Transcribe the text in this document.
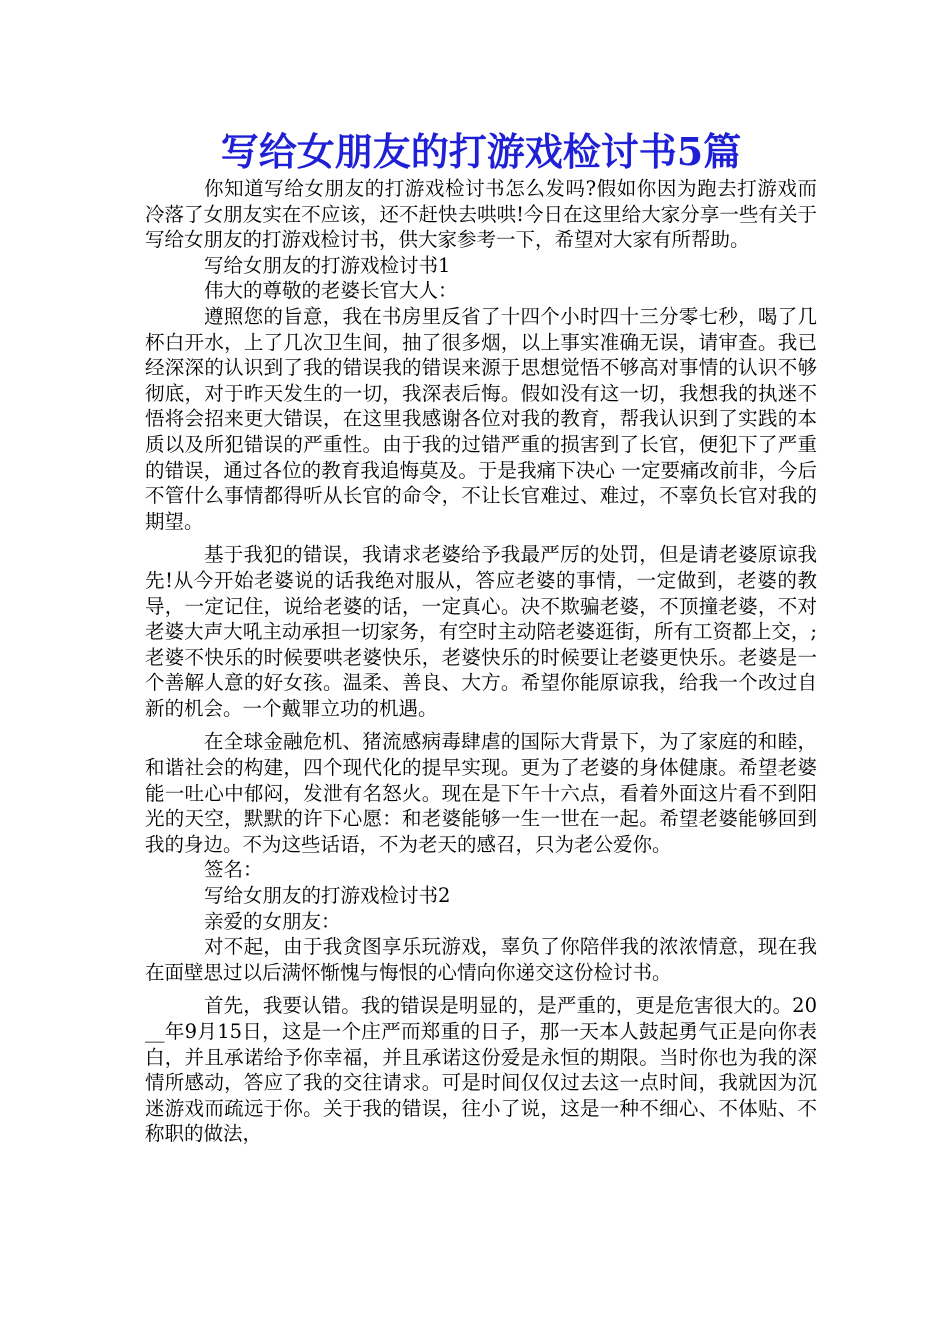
写给女朋友的打游戏检讨书5篇

你知道写给女朋友的打游戏检讨书怎么发吗?假如你因为跑去打游戏而冷落了女朋友实在不应该，还不赶快去哄哄!今日在这里给大家分享一些有关于写给女朋友的打游戏检讨书，供大家参考一下，希望对大家有所帮助。

写给女朋友的打游戏检讨书1
伟大的尊敬的老婆长官大人：

遵照您的旨意，我在书房里反省了十四个小时四十三分零七秒，喝了几杯白开水，上了几次卫生间，抽了很多烟，以上事实准确无误，请审查。我已经深深的认识到了我的错误我的错误来源于思想觉悟不够高对事情的认识不够彻底，对于昨天发生的一切，我深表后悔。假如没有这一切，我想我的执迷不悟将会招来更大错误，在这里我感谢各位对我的教育，帮我认识到了实践的本质以及所犯错误的严重性。由于我的过错严重的损害到了长官，便犯下了严重的错误，通过各位的教育我追悔莫及。于是我痛下决心 一定要痛改前非，今后不管什么事情都得听从长官的命令，不让长官难过、难过，不辜负长官对我的期望。

基于我犯的错误，我请求老婆给予我最严厉的处罚，但是请老婆原谅我先!从今开始老婆说的话我绝对服从，答应老婆的事情，一定做到，老婆的教导，一定记住，说给老婆的话，一定真心。决不欺骗老婆，不顶撞老婆，不对老婆大声大吼主动承担一切家务，有空时主动陪老婆逛街，所有工资都上交，;老婆不快乐的时候要哄老婆快乐，老婆快乐的时候要让老婆更快乐。老婆是一个善解人意的好女孩。温柔、善良、大方。希望你能原谅我，给我一个改过自新的机会。一个戴罪立功的机遇。

在全球金融危机、猪流感病毒肆虐的国际大背景下，为了家庭的和睦，和谐社会的构建，四个现代化的提早实现。更为了老婆的身体健康。希望老婆能一吐心中郁闷，发泄有名怒火。现在是下午十六点，看着外面这片看不到阳光的天空，默默的许下心愿：和老婆能够一生一世在一起。希望老婆能够回到我的身边。不为这些话语，不为老天的感召，只为老公爱你。

签名：
写给女朋友的打游戏检讨书2
亲爱的女朋友：

对不起，由于我贪图享乐玩游戏，辜负了你陪伴我的浓浓情意，现在我在面壁思过以后满怀惭愧与悔恨的心情向你递交这份检讨书。

首先，我要认错。我的错误是明显的，是严重的，更是危害很大的。20__年9月15日，这是一个庄严而郑重的日子，那一天本人鼓起勇气正是向你表白，并且承诺给予你幸福，并且承诺这份爱是永恒的期限。当时你也为我的深情所感动，答应了我的交往请求。可是时间仅仅过去这一点时间，我就因为沉迷游戏而疏远于你。关于我的错误，往小了说，这是一种不细心、不体贴、不称职的做法，
